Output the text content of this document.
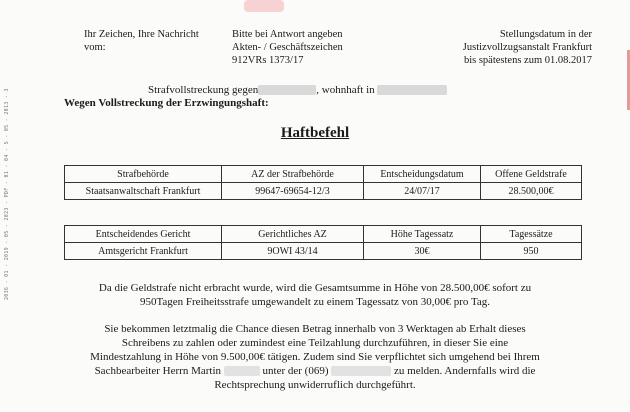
2036 - 01 - 2019 - 05 - 2023 - PDF - 01 - 04 - S - 05 - 2013 - 3
Ihr Zeichen, Ihre Nachricht
vom:
Bitte bei Antwort angeben
Akten- / Geschäftszeichen
912VRs 1373/17
Stellungsdatum in der
Justizvollzugsanstalt Frankfurt
bis spätestens zum 01.08.2017
Strafvollstreckung gegen	, wohnhaft in
Wegen Vollstreckung der Erzwingungshaft:
Haftbefehl
Strafbehörde	AZ der Strafbehörde	Entscheidungsdatum	Offene Geldstrafe
Staatsanwaltschaft Frankfurt	99647-69654-12/3	24/07/17	28.500,00€
Entscheidendes Gericht	Gerichtliches AZ	Höhe Tagessatz	Tagessätze
Amtsgericht Frankfurt	9OWI 43/14	30€	950
Da die Geldstrafe nicht erbracht wurde, wird die Gesamtsumme in Höhe von 28.500,00€ sofort zu
950Tagen Freiheitsstrafe umgewandelt zu einem Tagessatz von 30,00€ pro Tag.
Sie bekommen letztmalig die Chance diesen Betrag innerhalb von 3 Werktagen ab Erhalt dieses
Schreibens zu zahlen oder zumindest eine Teilzahlung durchzuführen, in dieser Sie eine
Mindestzahlung in Höhe von 9.500,00€ tätigen. Zudem sind Sie verpflichtet sich umgehend bei Ihrem
Sachbearbeiter Herrn Martin	unter der (069)	zu melden. Andernfalls wird die
Rechtsprechung unwiderruflich durchgeführt.
